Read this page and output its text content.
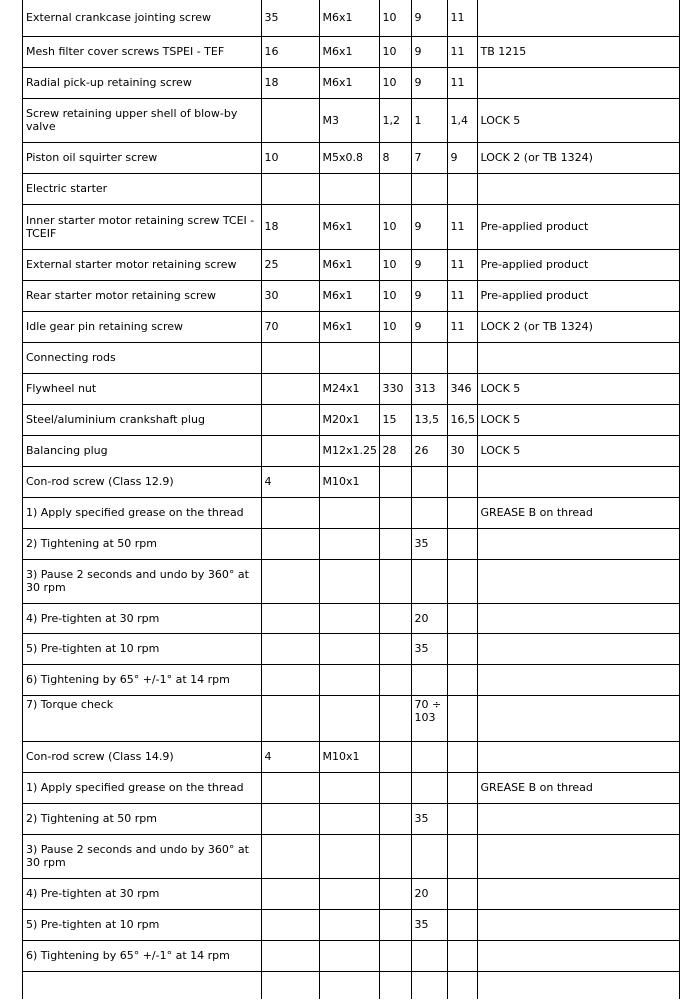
External crankcase jointing screw	35	M6x1	10	9	11	
Mesh filter cover screws TSPEI - TEF	16	M6x1	10	9	11	TB 1215
Radial pick-up retaining screw	18	M6x1	10	9	11	
Screw retaining upper shell of blow-by valve		M3	1,2	1	1,4	LOCK 5
Piston oil squirter screw	10	M5x0.8	8	7	9	LOCK 2 (or TB 1324)
Electric starter						
Inner starter motor retaining screw TCEI - TCEIF	18	M6x1	10	9	11	Pre-applied product
External starter motor retaining screw	25	M6x1	10	9	11	Pre-applied product
Rear starter motor retaining screw	30	M6x1	10	9	11	Pre-applied product
Idle gear pin retaining screw	70	M6x1	10	9	11	LOCK 2 (or TB 1324)
Connecting rods						
Flywheel nut		M24x1	330	313	346	LOCK 5
Steel/aluminium crankshaft plug		M20x1	15	13,5	16,5	LOCK 5
Balancing plug		M12x1.25	28	26	30	LOCK 5
Con-rod screw (Class 12.9)	4	M10x1				
1) Apply specified grease on the thread						GREASE B on thread
2) Tightening at 50 rpm				35		
3) Pause 2 seconds and undo by 360° at 30 rpm						
4) Pre-tighten at 30 rpm				20		
5) Pre-tighten at 10 rpm				35		
6) Tightening by 65° +/-1° at 14 rpm						
7) Torque check				70 ÷ 103		
Con-rod screw (Class 14.9)	4	M10x1				
1) Apply specified grease on the thread						GREASE B on thread
2) Tightening at 50 rpm				35		
3) Pause 2 seconds and undo by 360° at 30 rpm						
4) Pre-tighten at 30 rpm				20		
5) Pre-tighten at 10 rpm				35		
6) Tightening by 65° +/-1° at 14 rpm						
